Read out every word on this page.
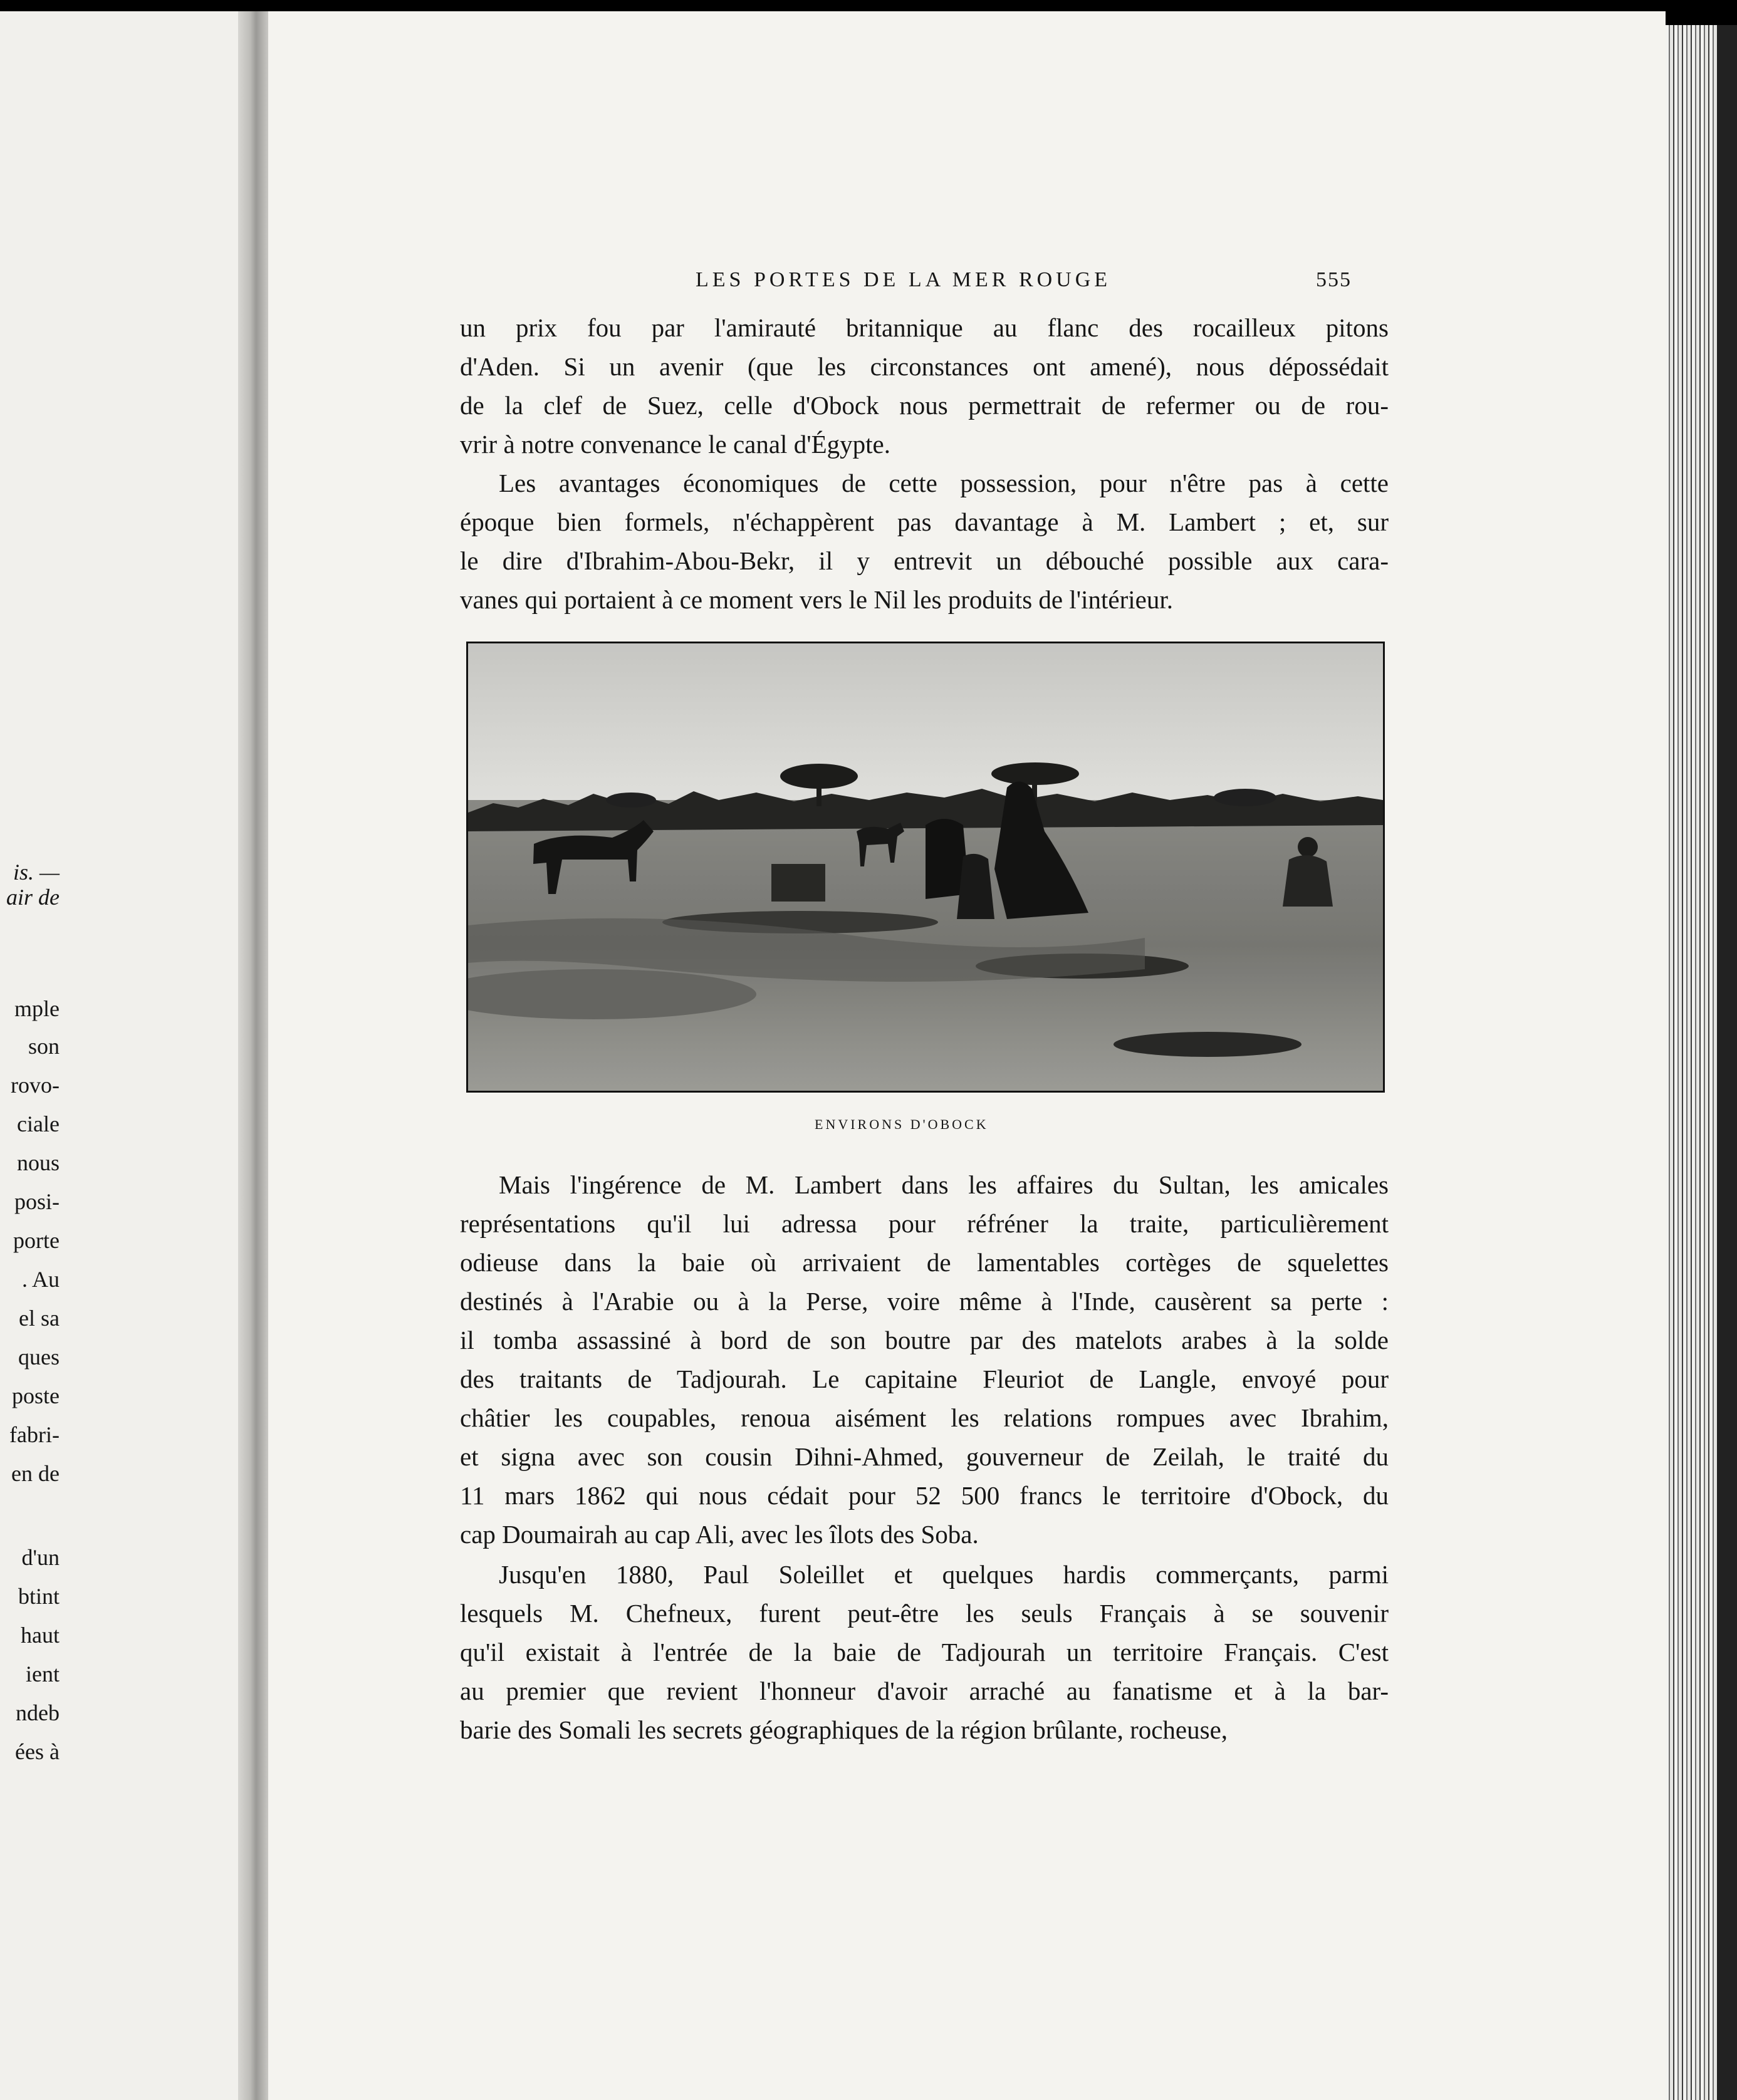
is. —
air de
mple
son
rovo-
ciale
nous
posi-
porte
. Au
el sa
ques
poste
fabri-
en de
d'un
btint
haut
ient
ndeb
ées à
LES PORTES DE LA MER ROUGE	555
un prix fou par l'amirauté britannique au flanc des rocailleux pitons
d'Aden. Si un avenir (que les circonstances ont amené), nous dépossédait
de la clef de Suez, celle d'Obock nous permettrait de refermer ou de rou-
vrir à notre convenance le canal d'Égypte.
Les avantages économiques de cette possession, pour n'être pas à cette
époque bien formels, n'échappèrent pas davantage à M. Lambert ; et, sur
le dire d'Ibrahim-Abou-Bekr, il y entrevit un débouché possible aux cara-
vanes qui portaient à ce moment vers le Nil les produits de l'intérieur.
ENVIRONS D'OBOCK
Mais l'ingérence de M. Lambert dans les affaires du Sultan, les amicales
représentations qu'il lui adressa pour réfréner la traite, particulièrement
odieuse dans la baie où arrivaient de lamentables cortèges de squelettes
destinés à l'Arabie ou à la Perse, voire même à l'Inde, causèrent sa perte :
il tomba assassiné à bord de son boutre par des matelots arabes à la solde
des traitants de Tadjourah. Le capitaine Fleuriot de Langle, envoyé pour
châtier les coupables, renoua aisément les relations rompues avec Ibrahim,
et signa avec son cousin Dihni-Ahmed, gouverneur de Zeilah, le traité du
11 mars 1862 qui nous cédait pour 52 500 francs le territoire d'Obock, du
cap Doumairah au cap Ali, avec les îlots des Soba.
Jusqu'en 1880, Paul Soleillet et quelques hardis commerçants, parmi
lesquels M. Chefneux, furent peut-être les seuls Français à se souvenir
qu'il existait à l'entrée de la baie de Tadjourah un territoire Français. C'est
au premier que revient l'honneur d'avoir arraché au fanatisme et à la bar-
barie des Somali les secrets géographiques de la région brûlante, rocheuse,
